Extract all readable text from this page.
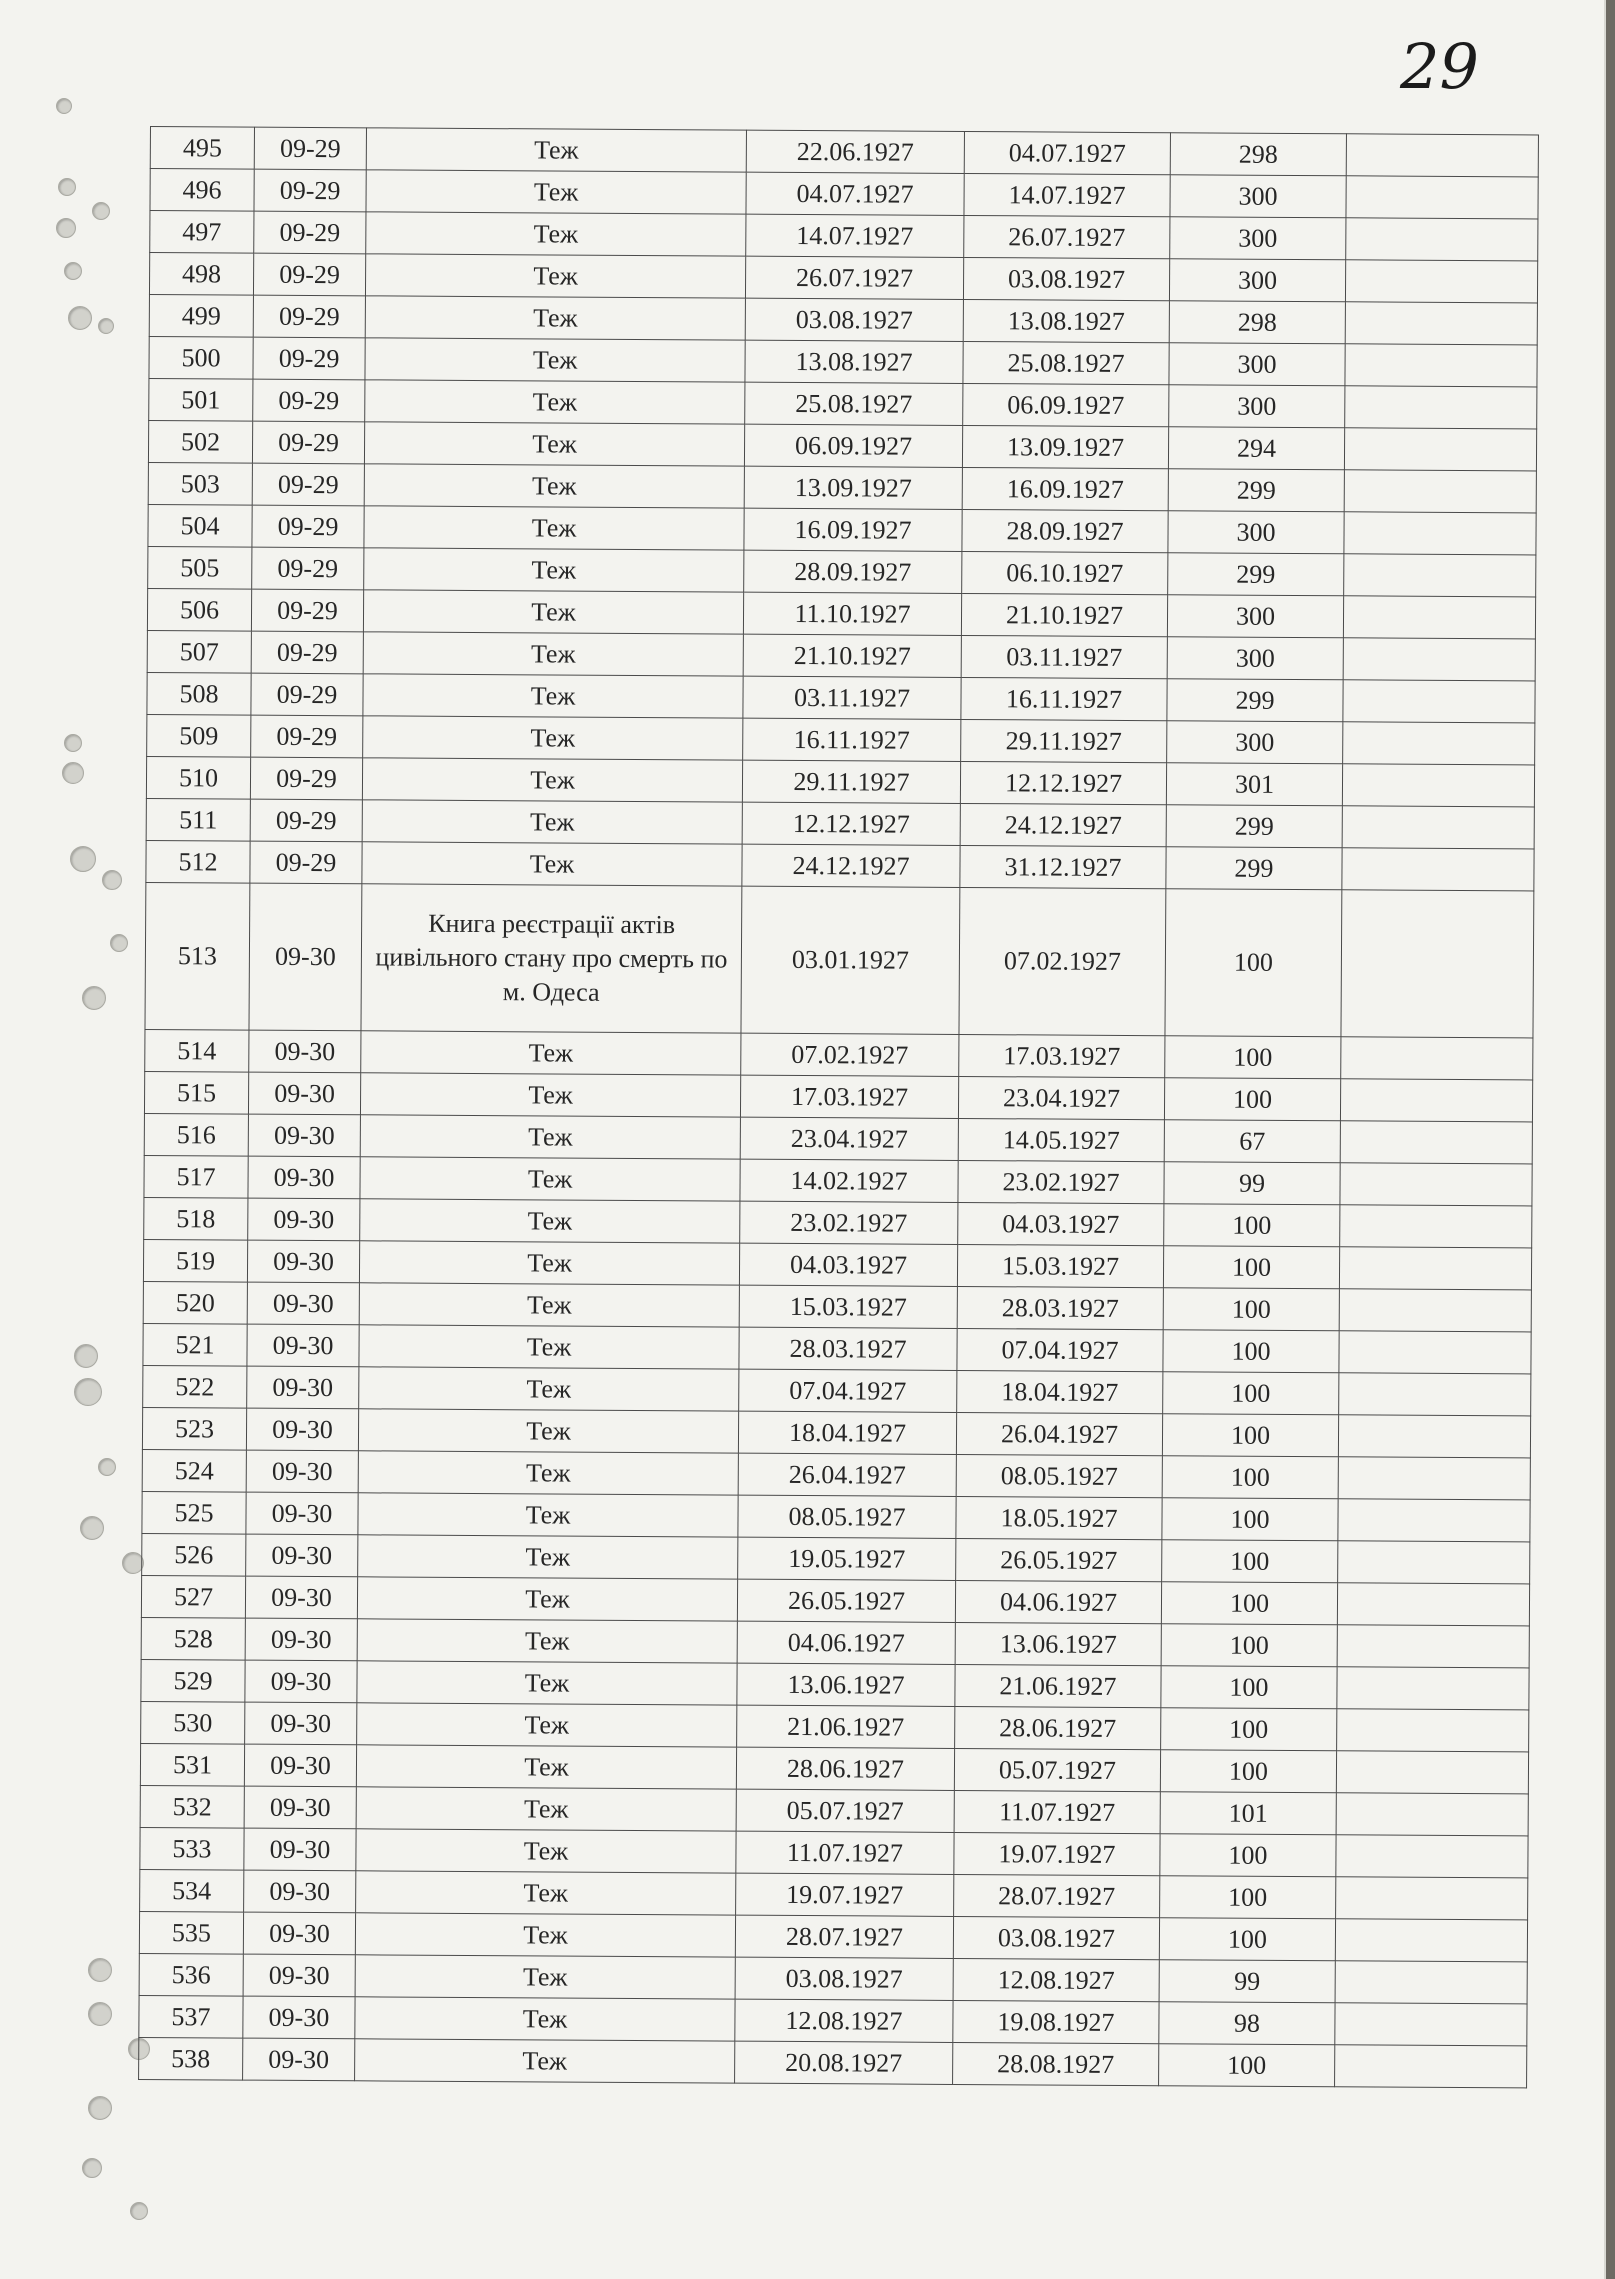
29
495	09-29	Теж	22.06.1927	04.07.1927	298	
496	09-29	Теж	04.07.1927	14.07.1927	300	
497	09-29	Теж	14.07.1927	26.07.1927	300	
498	09-29	Теж	26.07.1927	03.08.1927	300	
499	09-29	Теж	03.08.1927	13.08.1927	298	
500	09-29	Теж	13.08.1927	25.08.1927	300	
501	09-29	Теж	25.08.1927	06.09.1927	300	
502	09-29	Теж	06.09.1927	13.09.1927	294	
503	09-29	Теж	13.09.1927	16.09.1927	299	
504	09-29	Теж	16.09.1927	28.09.1927	300	
505	09-29	Теж	28.09.1927	06.10.1927	299	
506	09-29	Теж	11.10.1927	21.10.1927	300	
507	09-29	Теж	21.10.1927	03.11.1927	300	
508	09-29	Теж	03.11.1927	16.11.1927	299	
509	09-29	Теж	16.11.1927	29.11.1927	300	
510	09-29	Теж	29.11.1927	12.12.1927	301	
511	09-29	Теж	12.12.1927	24.12.1927	299	
512	09-29	Теж	24.12.1927	31.12.1927	299	
513	09-30	Книга реєстрації актів цивільного стану про смерть по м. Одеса	03.01.1927	07.02.1927	100	
514	09-30	Теж	07.02.1927	17.03.1927	100	
515	09-30	Теж	17.03.1927	23.04.1927	100	
516	09-30	Теж	23.04.1927	14.05.1927	67	
517	09-30	Теж	14.02.1927	23.02.1927	99	
518	09-30	Теж	23.02.1927	04.03.1927	100	
519	09-30	Теж	04.03.1927	15.03.1927	100	
520	09-30	Теж	15.03.1927	28.03.1927	100	
521	09-30	Теж	28.03.1927	07.04.1927	100	
522	09-30	Теж	07.04.1927	18.04.1927	100	
523	09-30	Теж	18.04.1927	26.04.1927	100	
524	09-30	Теж	26.04.1927	08.05.1927	100	
525	09-30	Теж	08.05.1927	18.05.1927	100	
526	09-30	Теж	19.05.1927	26.05.1927	100	
527	09-30	Теж	26.05.1927	04.06.1927	100	
528	09-30	Теж	04.06.1927	13.06.1927	100	
529	09-30	Теж	13.06.1927	21.06.1927	100	
530	09-30	Теж	21.06.1927	28.06.1927	100	
531	09-30	Теж	28.06.1927	05.07.1927	100	
532	09-30	Теж	05.07.1927	11.07.1927	101	
533	09-30	Теж	11.07.1927	19.07.1927	100	
534	09-30	Теж	19.07.1927	28.07.1927	100	
535	09-30	Теж	28.07.1927	03.08.1927	100	
536	09-30	Теж	03.08.1927	12.08.1927	99	
537	09-30	Теж	12.08.1927	19.08.1927	98	
538	09-30	Теж	20.08.1927	28.08.1927	100	
